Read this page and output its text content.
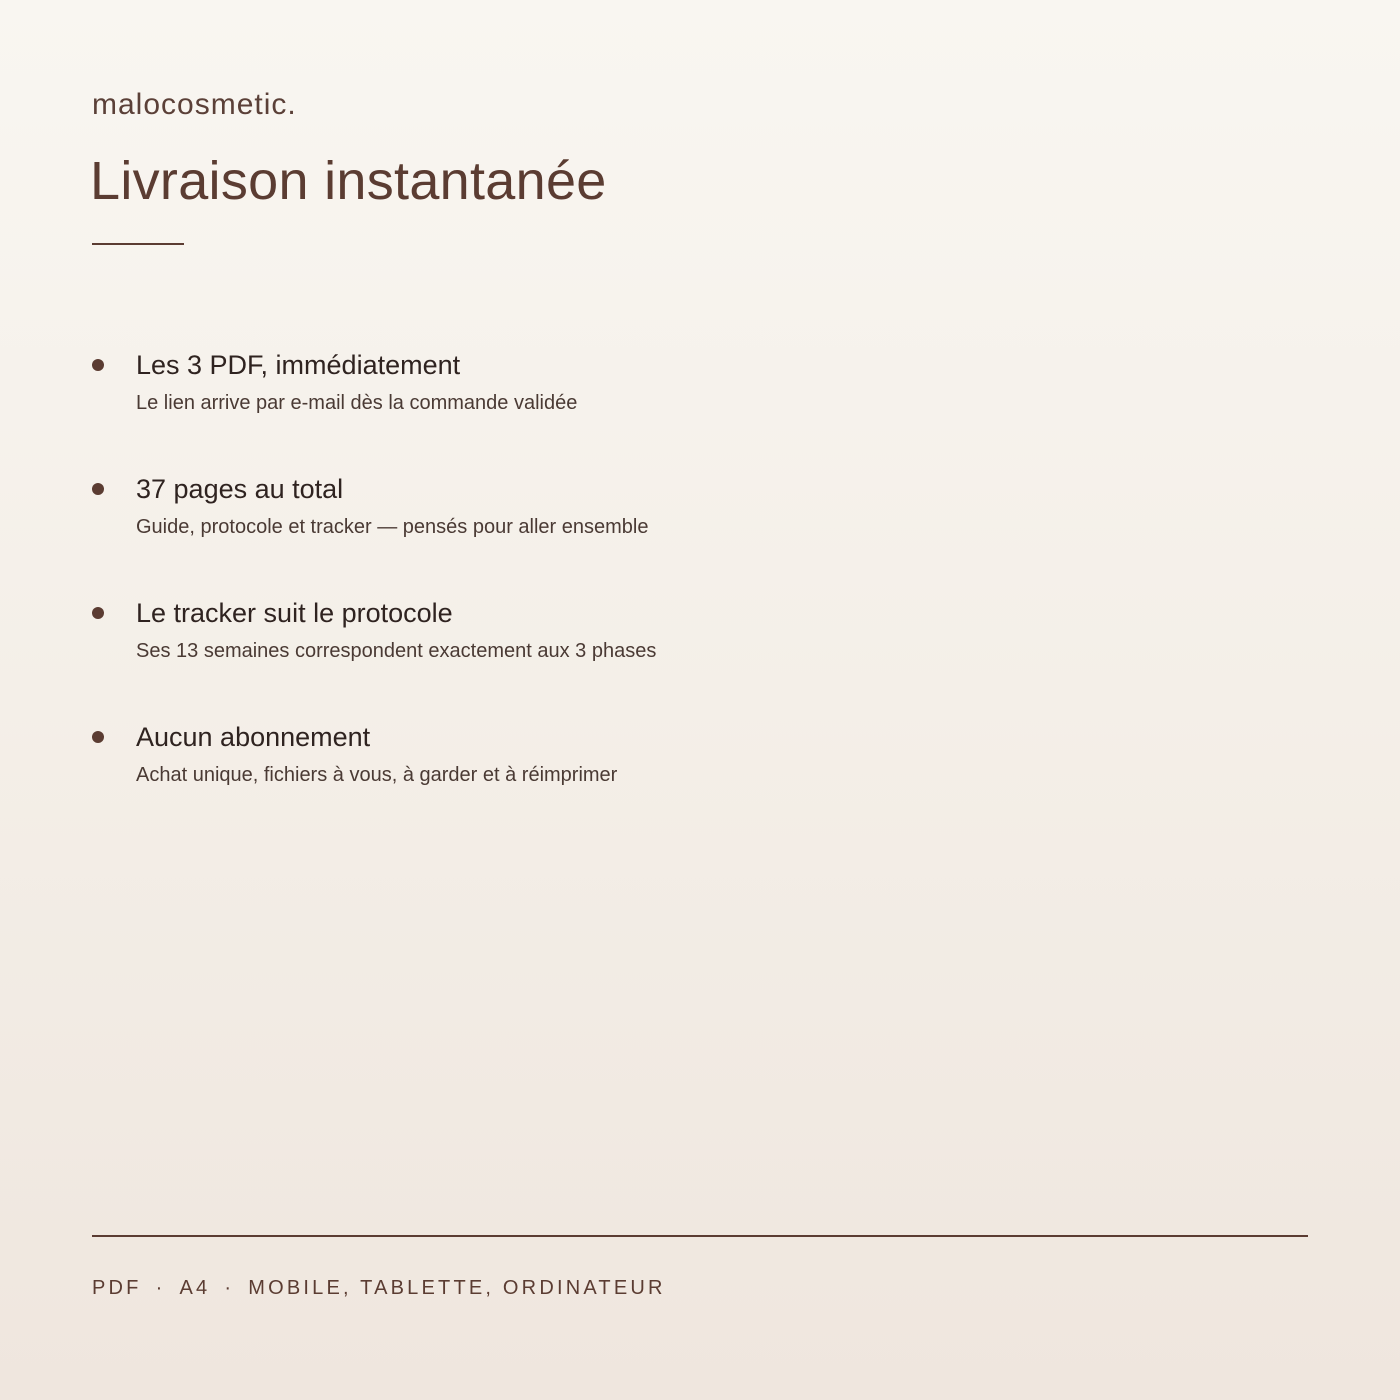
malocosmetic.
Livraison instantanée
Les 3 PDF, immédiatement
Le lien arrive par e-mail dès la commande validée
37 pages au total
Guide, protocole et tracker — pensés pour aller ensemble
Le tracker suit le protocole
Ses 13 semaines correspondent exactement aux 3 phases
Aucun abonnement
Achat unique, fichiers à vous, à garder et à réimprimer
PDF · A4 · MOBILE, TABLETTE, ORDINATEUR
